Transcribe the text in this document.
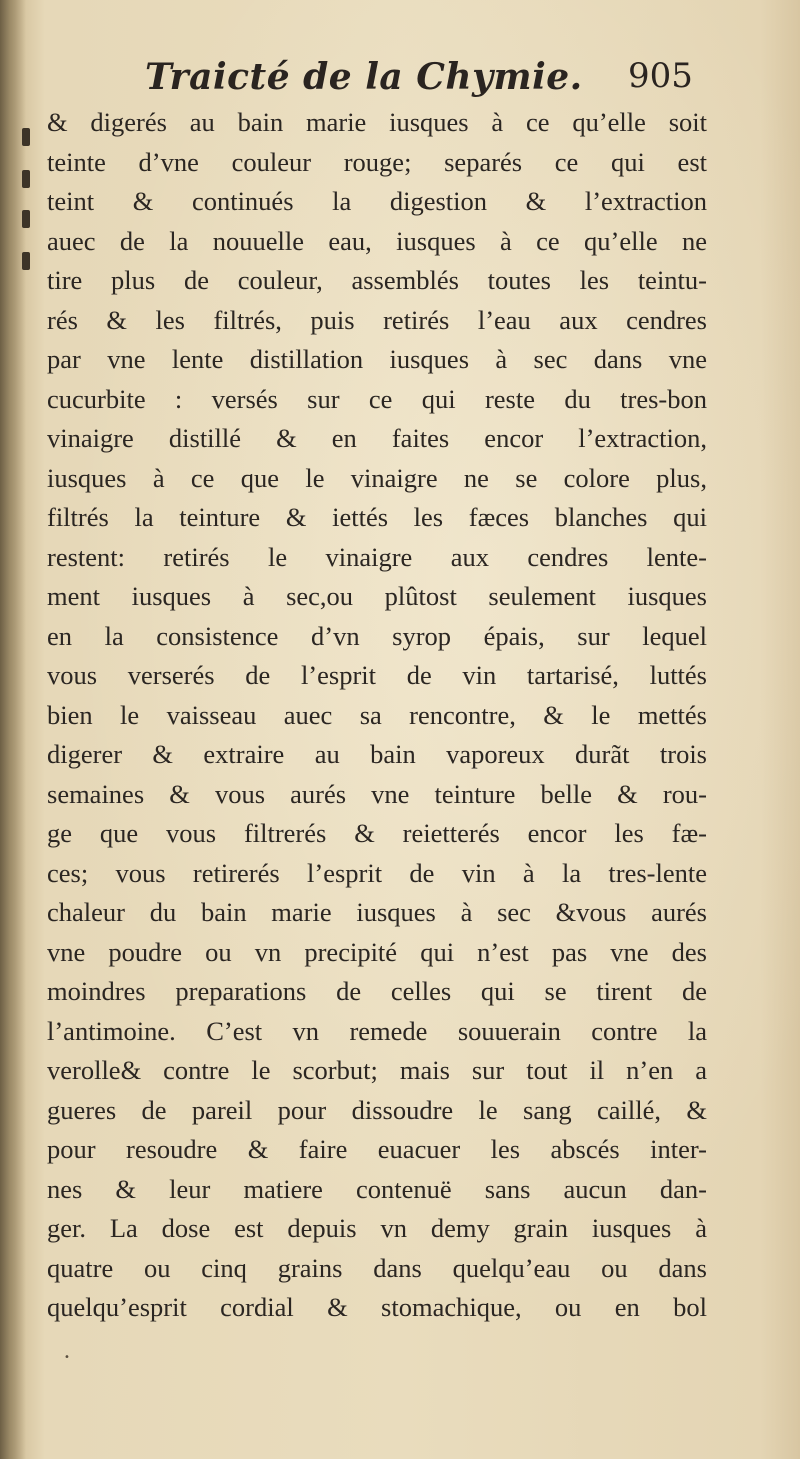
Traicté de la Chymie. 905
& digerés au bain marie iusques à ce qu’elle soit
teinte d’vne couleur rouge; separés ce qui est
teint & continués la digestion & l’extraction
auec de la nouuelle eau, iusques à ce qu’elle ne
tire plus de couleur, assemblés toutes les teintu-
rés & les filtrés, puis retirés l’eau aux cendres
par vne lente distillation iusques à sec dans vne
cucurbite : versés sur ce qui reste du tres-bon
vinaigre distillé & en faites encor l’extraction,
iusques à ce que le vinaigre ne se colore plus,
filtrés la teinture & iettés les fæces blanches qui
restent: retirés le vinaigre aux cendres lente-
ment iusques à sec,ou plûtost seulement iusques
en la consistence d’vn syrop épais, sur lequel
vous verserés de l’esprit de vin tartarisé, luttés
bien le vaisseau auec sa rencontre, & le mettés
digerer & extraire au bain vaporeux durãt trois
semaines & vous aurés vne teinture belle & rou-
ge que vous filtrerés & reietterés encor les fæ-
ces; vous retirerés l’esprit de vin à la tres-lente
chaleur du bain marie iusques à sec &vous aurés
vne poudre ou vn precipité qui n’est pas vne des
moindres preparations de celles qui se tirent de
l’antimoine. C’est vn remede souuerain contre la
verolle& contre le scorbut; mais sur tout il n’en a
gueres de pareil pour dissoudre le sang caillé, &
pour resoudre & faire euacuer les abscés inter-
nes & leur matiere contenuë sans aucun dan-
ger. La dose est depuis vn demy grain iusques à
quatre ou cinq grains dans quelqu’eau ou dans
quelqu’esprit cordial & stomachique, ou en bol
•
